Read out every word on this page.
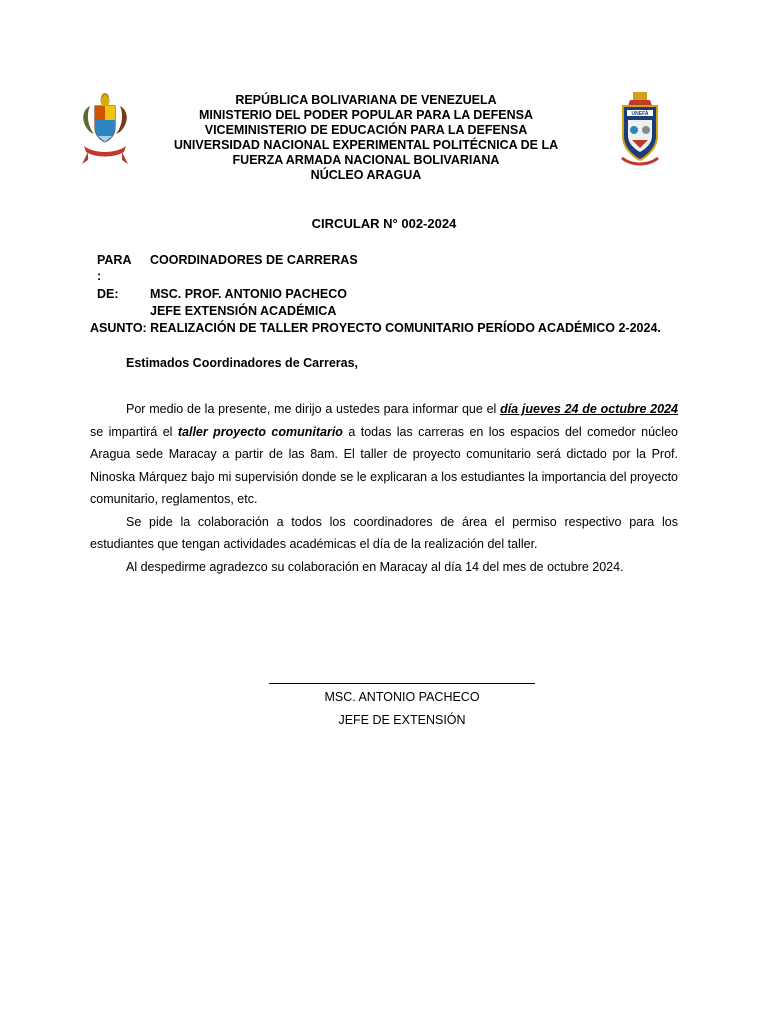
UNEFA
REPÚBLICA BOLIVARIANA DE VENEZUELA
MINISTERIO DEL PODER POPULAR PARA LA DEFENSA
VICEMINISTERIO DE EDUCACIÓN PARA LA DEFENSA
UNIVERSIDAD NACIONAL EXPERIMENTAL POLITÉCNICA DE LA
FUERZA ARMADA NACIONAL BOLIVARIANA
NÚCLEO ARAGUA
CIRCULAR N° 002-2024
PARA
:
COORDINADORES DE CARRERAS
DE:	MSC. PROF. ANTONIO PACHECO
JEFE EXTENSIÓN ACADÉMICA
ASUNTO: REALIZACIÓN DE TALLER PROYECTO COMUNITARIO PERÍODO ACADÉMICO 2-2024.
Estimados Coordinadores de Carreras,

Por medio de la presente, me dirijo a ustedes para informar que el día jueves 24 de octubre 2024 se impartirá el taller proyecto comunitario a todas las carreras en los espacios del comedor núcleo Aragua sede Maracay a partir de las 8am. El taller de proyecto comunitario será dictado por la Prof. Ninoska Márquez bajo mi supervisión donde se le explicaran a los estudiantes la importancia del proyecto comunitario, reglamentos, etc.

Se pide la colaboración a todos los coordinadores de área el permiso respectivo para los estudiantes que tengan actividades académicas el día de la realización del taller.

Al despedirme agradezco su colaboración en Maracay al día 14 del mes de octubre 2024.

MSC. ANTONIO PACHECO
JEFE DE EXTENSIÓN
